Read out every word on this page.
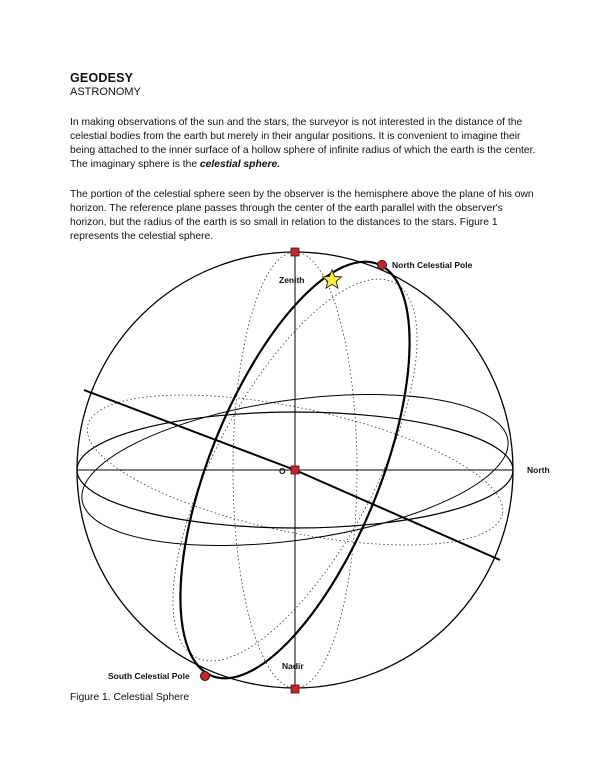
GEODESY
ASTRONOMY

In making observations of the sun and the stars, the surveyor is not interested in the distance of the celestial bodies from the earth but merely in their angular positions. It is convenient to imagine their being attached to the inner surface of a hollow sphere of infinite radius of which the earth is the center. The imaginary sphere is the celestial sphere.

The portion of the celestial sphere seen by the observer is the hemisphere above the plane of his own horizon. The reference plane passes through the center of the earth parallel with the observer's horizon, but the radius of the earth is so small in relation to the distances to the stars. Figure 1 represents the celestial sphere.

Zenith
North Celestial Pole
O	North
Nadir
South Celestial Pole
Figure 1. Celestial Sphere
